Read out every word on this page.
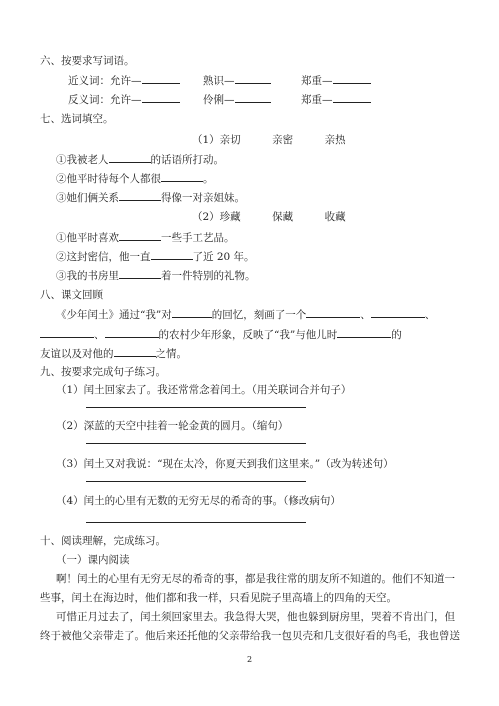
六、按要求写词语。
近义词：允许—	熟识—	郑重—
反义词：允许—	伶俐—	郑重—
七、选词填空。
（1）亲切　　　亲密　　　亲热
①我被老人	的话语所打动。
②他平时待每个人都很	。
③她们俩关系	得像一对亲姐妹。
（2）珍藏　　　保藏　　　收藏
①他平时喜欢	一些手工艺品。
②这封密信，他一直	了近 20 年。
③我的书房里	着一件特别的礼物。
八、课文回顾
《少年闰土》通过“我”对	的回忆，刻画了一个	、	、
、	的农村少年形象，反映了“我”与他儿时	的
友谊以及对他的	之情。
九、按要求完成句子练习。
（1）闰土回家去了。我还常常念着闰土。（用关联词合并句子）
（2）深蓝的天空中挂着一轮金黄的圆月。（缩句）
（3）闰土又对我说：“现在太冷，你夏天到我们这里来。”（改为转述句）
（4）闰土的心里有无数的无穷无尽的希奇的事。（修改病句）
十、阅读理解，完成练习。
（一）课内阅读
啊！闰土的心里有无穷无尽的希奇的事，都是我往常的朋友所不知道的。他们不知道一
些事，闰土在海边时，他们都和我一样，只看见院子里高墙上的四角的天空。
可惜正月过去了，闰土须回家里去。我急得大哭，他也躲到厨房里，哭着不肯出门，但
终于被他父亲带走了。他后来还托他的父亲带给我一包贝壳和几支很好看的鸟毛，我也曾送
2
